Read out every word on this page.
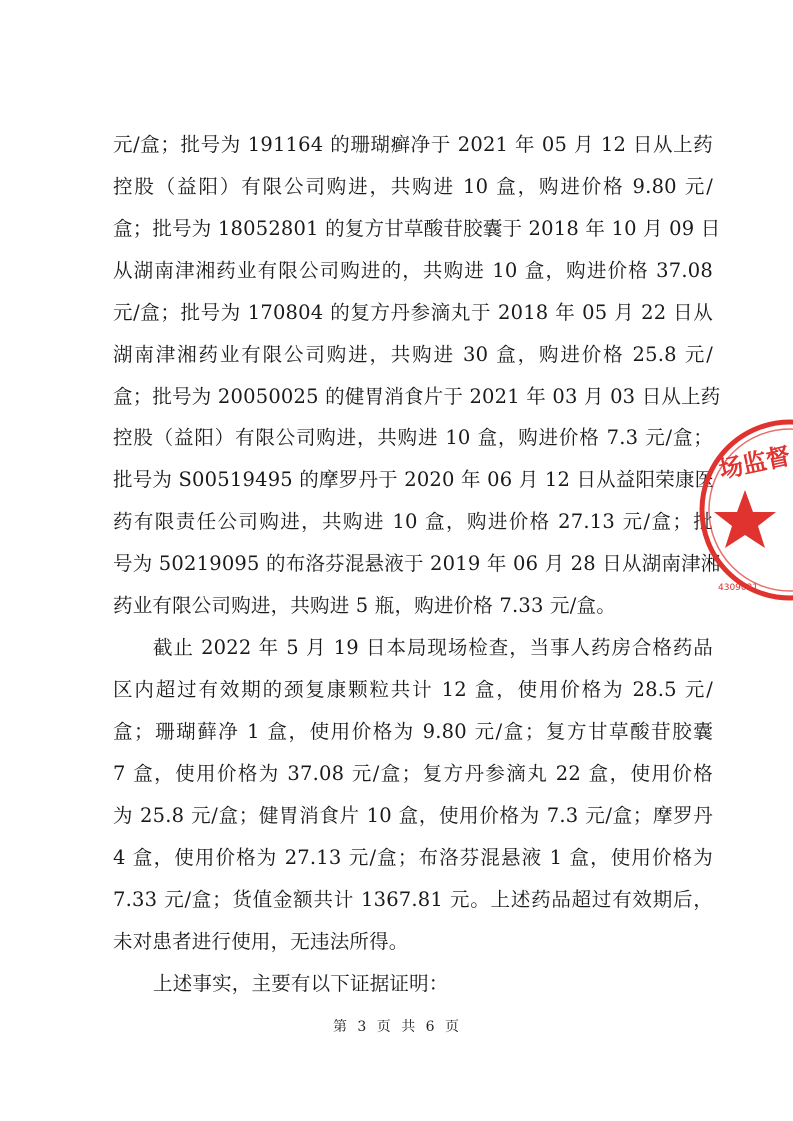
元/盒；批号为 191164 的珊瑚癣净于 2021 年 05 月 12 日从上药
控股（益阳）有限公司购进，共购进 10 盒，购进价格 9.80 元/
盒；批号为 18052801 的复方甘草酸苷胶囊于 2018 年 10 月 09 日
从湖南津湘药业有限公司购进的，共购进 10 盒，购进价格 37.08
元/盒；批号为 170804 的复方丹参滴丸于 2018 年 05 月 22 日从
湖南津湘药业有限公司购进，共购进 30 盒，购进价格 25.8 元/
盒；批号为 20050025 的健胃消食片于 2021 年 03 月 03 日从上药
控股（益阳）有限公司购进，共购进 10 盒，购进价格 7.3 元/盒；
批号为 S00519495 的摩罗丹于 2020 年 06 月 12 日从益阳荣康医
药有限责任公司购进，共购进 10 盒，购进价格 27.13 元/盒；批
号为 50219095 的布洛芬混悬液于 2019 年 06 月 28 日从湖南津湘
药业有限公司购进，共购进 5 瓶，购进价格 7.33 元/盒。
截止 2022 年 5 月 19 日本局现场检查，当事人药房合格药品
区内超过有效期的颈复康颗粒共计 12 盒，使用价格为 28.5 元/
盒；珊瑚藓净 1 盒，使用价格为 9.80 元/盒；复方甘草酸苷胶囊
7 盒，使用价格为 37.08 元/盒；复方丹参滴丸 22 盒，使用价格
为 25.8 元/盒；健胃消食片 10 盒，使用价格为 7.3 元/盒；摩罗丹
4 盒，使用价格为 27.13 元/盒；布洛芬混悬液 1 盒，使用价格为
7.33 元/盒；货值金额共计 1367.81 元。上述药品超过有效期后，
未对患者进行使用，无违法所得。
上述事实，主要有以下证据证明：
场监督
4309031
第 3 页 共 6 页
